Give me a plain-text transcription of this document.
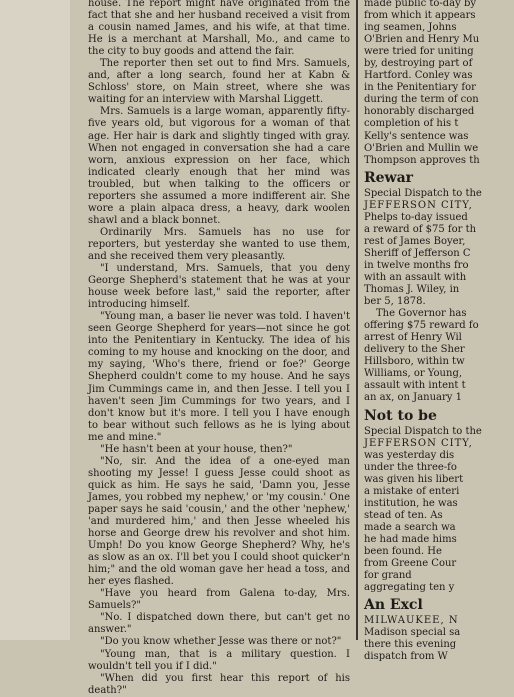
house. The report might have originated from the fact that she and her husband received a visit from a cousin named James, and his wife, at that time. He is a merchant at Marshall, Mo., and came to the city to buy goods and attend the fair.

The reporter then set out to find Mrs. Samuels, and, after a long search, found her at Kabn & Schloss' store, on Main street, where she was waiting for an interview with Marshal Liggett.

Mrs. Samuels is a large woman, apparently fifty-five years old, but vigorous for a woman of that age. Her hair is dark and slightly tinged with gray. When not engaged in conversation she had a care worn, anxious expression on her face, which indicated clearly enough that her mind was troubled, but when talking to the officers or reporters she assumed a more indifferent air. She wore a plain alpaca dress, a heavy, dark woolen shawl and a black bonnet.

Ordinarily Mrs. Samuels has no use for reporters, but yesterday she wanted to use them, and she received them very pleasantly.

"I understand, Mrs. Samuels, that you deny George Shepherd's statement that he was at your house week before last," said the reporter, after introducing himself.

"Young man, a baser lie never was told. I haven't seen George Shepherd for years—not since he got into the Penitentiary in Kentucky. The idea of his coming to my house and knocking on the door, and my saying, 'Who's there, friend or foe?' George Shepherd couldn't come to my house. And he says Jim Cummings came in, and then Jesse. I tell you I haven't seen Jim Cummings for two years, and I don't know but it's more. I tell you I have enough to bear without such fellows as he is lying about me and mine."

"He hasn't been at your house, then?"

"No, sir. And the idea of a one-eyed man shooting my Jesse! I guess Jesse could shoot as quick as him. He says he said, 'Damn you, Jesse James, you robbed my nephew,' or 'my cousin.' One paper says he said 'cousin,' and the other 'nephew,' 'and murdered him,' and then Jesse wheeled his horse and George drew his revolver and shot him. Umph! Do you know George Shepherd? Why, he's as slow as an ox. I'll bet you I could shoot quicker'n him;" and the old woman gave her head a toss, and her eyes flashed.

"Have you heard from Galena to-day, Mrs. Samuels?"

"No. I dispatched down there, but can't get no answer."

"Do you know whether Jesse was there or not?"

"Young man, that is a military question. I wouldn't tell you if I did."

"When did you first hear this report of his death?"

made public to-day by
from which it appears
ing seamen, Johns
O'Brien and Henry Mu
were tried for uniting
by, destroying part of
Hartford. Conley was
in the Penitentiary for
during the term of con
honorably discharged
completion of his t
Kelly's sentence was
O'Brien and Mullin we
Thompson approves th
Rewar
Special Dispatch to the
JEFFERSON CITY,
Phelps to-day issued
a reward of $75 for th
rest of James Boyer,
Sheriff of Jefferson C
in twelve months fro
with an assault with
Thomas J. Wiley, in
ber 5, 1878.
The Governor has
offering $75 reward fo
arrest of Henry Wil
delivery to the Sher
Hillsboro, within tw
Williams, or Young,
assault with intent t
an ax, on January 1
Not to be
Special Dispatch to the
JEFFERSON CITY,
was yesterday dis
under the three-fo
was given his libert
a mistake of enteri
institution, he was
stead of ten. As
made a search wa
he had made hims
been found. He
from Greene Cour
for grand
aggregating ten y
An Excl
MILWAUKEE, N
Madison special sa
there this evening
dispatch from W
